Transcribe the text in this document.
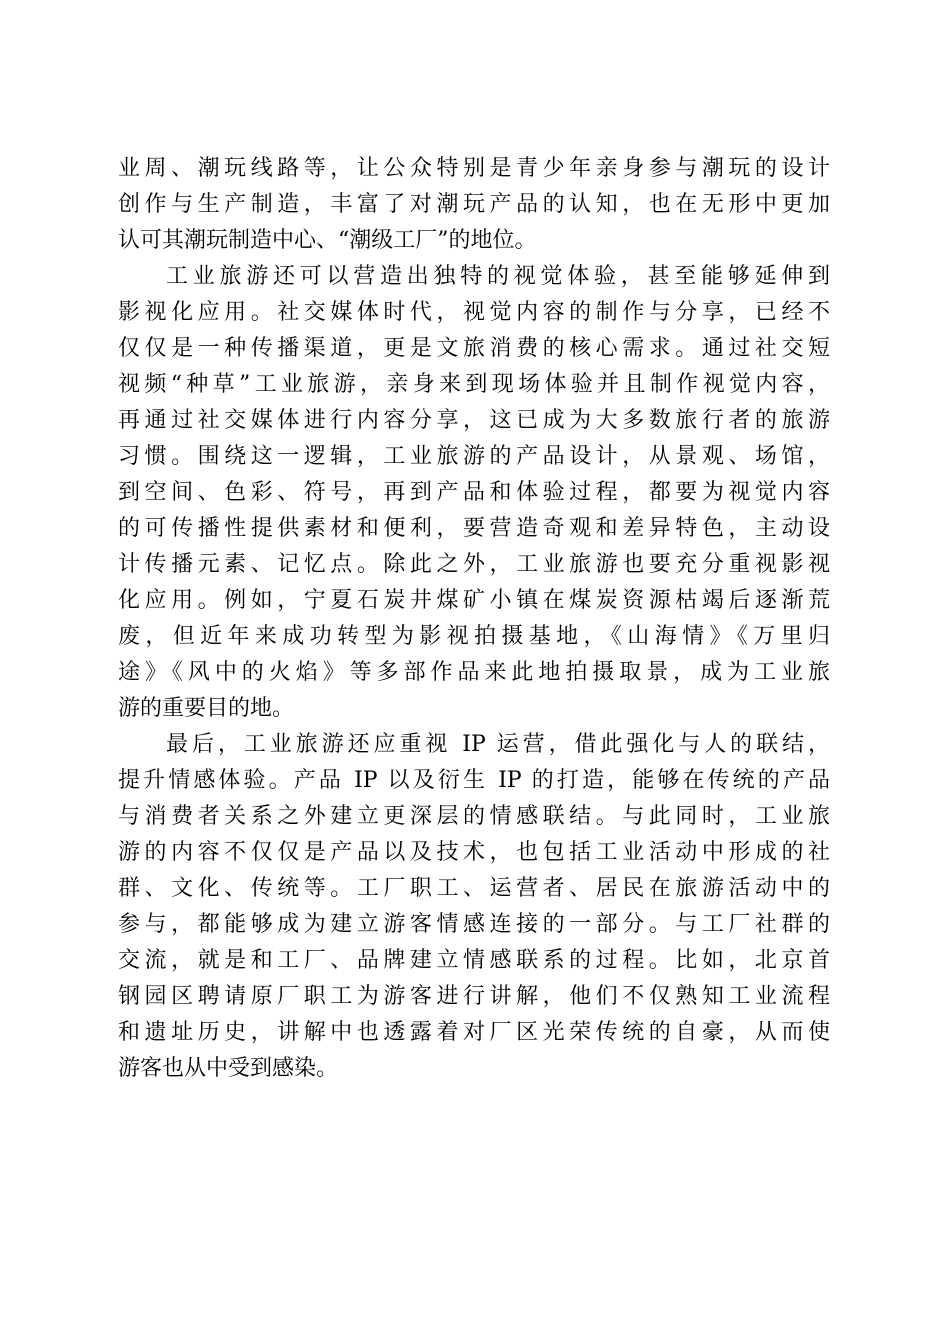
业周、潮玩线路等，让公众特别是青少年亲身参与潮玩的设计
创作与生产制造，丰富了对潮玩产品的认知，也在无形中更加
认可其潮玩制造中心、“潮级工厂”的地位。
工业旅游还可以营造出独特的视觉体验，甚至能够延伸到
影视化应用。社交媒体时代，视觉内容的制作与分享，已经不
仅仅是一种传播渠道，更是文旅消费的核心需求。通过社交短
视频“种草”工业旅游，亲身来到现场体验并且制作视觉内容，
再通过社交媒体进行内容分享，这已成为大多数旅行者的旅游
习惯。围绕这一逻辑，工业旅游的产品设计，从景观、场馆，
到空间、色彩、符号，再到产品和体验过程，都要为视觉内容
的可传播性提供素材和便利，要营造奇观和差异特色，主动设
计传播元素、记忆点。除此之外，工业旅游也要充分重视影视
化应用。例如，宁夏石炭井煤矿小镇在煤炭资源枯竭后逐渐荒
废，但近年来成功转型为影视拍摄基地，《山海情》《万里归
途》《风中的火焰》等多部作品来此地拍摄取景，成为工业旅
游的重要目的地。
最后，工业旅游还应重视 IP 运营，借此强化与人的联结，
提升情感体验。产品 IP 以及衍生 IP 的打造，能够在传统的产品
与消费者关系之外建立更深层的情感联结。与此同时，工业旅
游的内容不仅仅是产品以及技术，也包括工业活动中形成的社
群、文化、传统等。工厂职工、运营者、居民在旅游活动中的
参与，都能够成为建立游客情感连接的一部分。与工厂社群的
交流，就是和工厂、品牌建立情感联系的过程。比如，北京首
钢园区聘请原厂职工为游客进行讲解，他们不仅熟知工业流程
和遗址历史，讲解中也透露着对厂区光荣传统的自豪，从而使
游客也从中受到感染。
